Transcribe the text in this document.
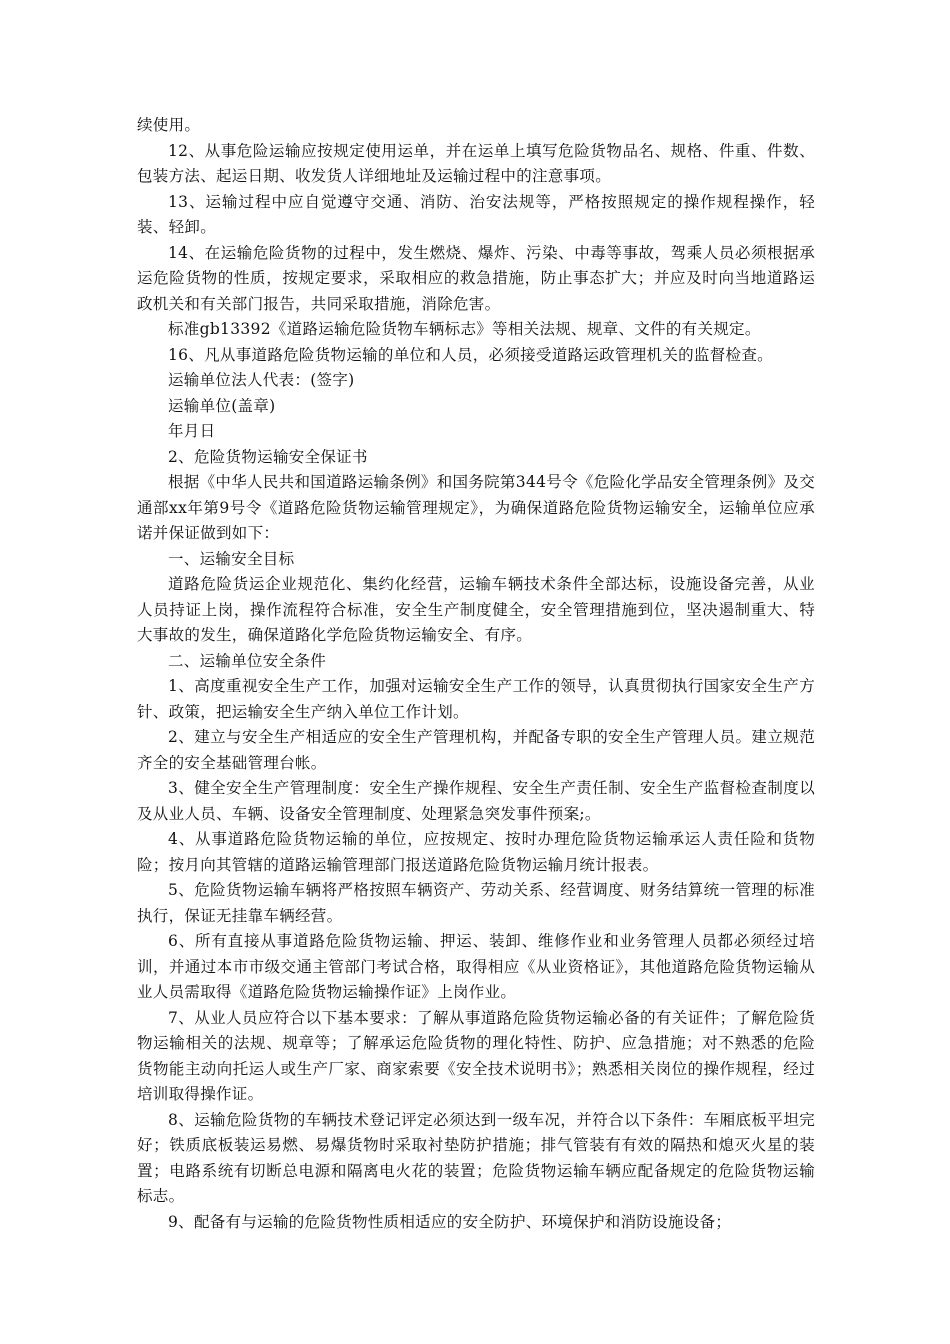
续使用。

12、从事危险运输应按规定使用运单，并在运单上填写危险货物品名、规格、件重、件数、包装方法、起运日期、收发货人详细地址及运输过程中的注意事项。

13、运输过程中应自觉遵守交通、消防、治安法规等，严格按照规定的操作规程操作，轻装、轻卸。

14、在运输危险货物的过程中，发生燃烧、爆炸、污染、中毒等事故，驾乘人员必须根据承运危险货物的性质，按规定要求，采取相应的救急措施，防止事态扩大；并应及时向当地道路运政机关和有关部门报告，共同采取措施，消除危害。

标准gb13392《道路运输危险货物车辆标志》等相关法规、规章、文件的有关规定。

16、凡从事道路危险货物运输的单位和人员，必须接受道路运政管理机关的监督检查。

运输单位法人代表：(签字)

运输单位(盖章)

年月日

2、危险货物运输安全保证书

根据《中华人民共和国道路运输条例》和国务院第344号令《危险化学品安全管理条例》及交通部xx年第9号令《道路危险货物运输管理规定》，为确保道路危险货物运输安全，运输单位应承诺并保证做到如下：

一、运输安全目标

道路危险货运企业规范化、集约化经营，运输车辆技术条件全部达标，设施设备完善，从业人员持证上岗，操作流程符合标准，安全生产制度健全，安全管理措施到位，坚决遏制重大、特大事故的发生，确保道路化学危险货物运输安全、有序。

二、运输单位安全条件

1、高度重视安全生产工作，加强对运输安全生产工作的领导，认真贯彻执行国家安全生产方针、政策，把运输安全生产纳入单位工作计划。

2、建立与安全生产相适应的安全生产管理机构，并配备专职的安全生产管理人员。建立规范齐全的安全基础管理台帐。

3、健全安全生产管理制度：安全生产操作规程、安全生产责任制、安全生产监督检查制度以及从业人员、车辆、设备安全管理制度、处理紧急突发事件预案;。

4、从事道路危险货物运输的单位，应按规定、按时办理危险货物运输承运人责任险和货物险；按月向其管辖的道路运输管理部门报送道路危险货物运输月统计报表。

5、危险货物运输车辆将严格按照车辆资产、劳动关系、经营调度、财务结算统一管理的标准执行，保证无挂靠车辆经营。

6、所有直接从事道路危险货物运输、押运、装卸、维修作业和业务管理人员都必须经过培训，并通过本市市级交通主管部门考试合格，取得相应《从业资格证》，其他道路危险货物运输从业人员需取得《道路危险货物运输操作证》上岗作业。

7、从业人员应符合以下基本要求：了解从事道路危险货物运输必备的有关证件；了解危险货物运输相关的法规、规章等；了解承运危险货物的理化特性、防护、应急措施；对不熟悉的危险货物能主动向托运人或生产厂家、商家索要《安全技术说明书》；熟悉相关岗位的操作规程，经过培训取得操作证。

8、运输危险货物的车辆技术登记评定必须达到一级车况，并符合以下条件：车厢底板平坦完好；铁质底板装运易燃、易爆货物时采取衬垫防护措施；排气管装有有效的隔热和熄灭火星的装置；电路系统有切断总电源和隔离电火花的装置；危险货物运输车辆应配备规定的危险货物运输标志。

9、配备有与运输的危险货物性质相适应的安全防护、环境保护和消防设施设备；
